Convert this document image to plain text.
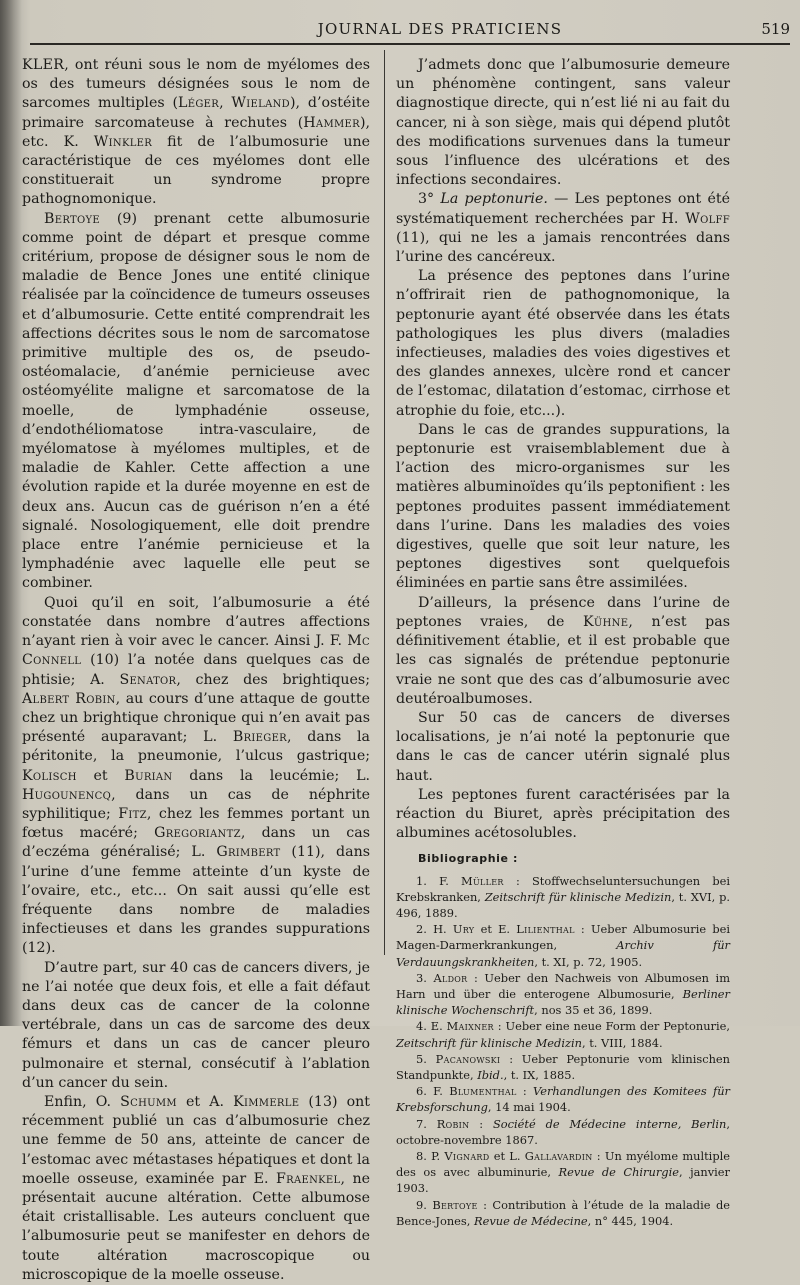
JOURNAL DES PRATICIENS	519

KLER, ont réuni sous le nom de myélomes des os des tumeurs désignées sous le nom de sarcomes multiples (Léger, Wieland), d’ostéite primaire sarcomateuse à rechutes (Hammer), etc. K. Winkler fit de l’albumosurie une caractéristique de ces myélomes dont elle constituerait un syndrome propre pathognomonique.

Bertoye (9) prenant cette albumosurie comme point de départ et presque comme critérium, propose de désigner sous le nom de maladie de Bence Jones une entité clinique réalisée par la coïncidence de tumeurs osseuses et d’albumosurie. Cette entité comprendrait les affections décrites sous le nom de sarcomatose primitive multiple des os, de pseudo-ostéomalacie, d’anémie pernicieuse avec ostéomyélite maligne et sarcomatose de la moelle, de lymphadénie osseuse, d’endothéliomatose intra-vasculaire, de myélomatose à myélomes multiples, et de maladie de Kahler. Cette affection a une évolution rapide et la durée moyenne en est de deux ans. Aucun cas de guérison n’en a été signalé. Nosologiquement, elle doit prendre place entre l’anémie pernicieuse et la lymphadénie avec laquelle elle peut se combiner.

Quoi qu’il en soit, l’albumosurie a été constatée dans nombre d’autres affections n’ayant rien à voir avec le cancer. Ainsi J. F. Mc Connell (10) l’a notée dans quelques cas de phtisie; A. Senator, chez des brightiques; Albert Robin, au cours d’une attaque de goutte chez un brightique chronique qui n’en avait pas présenté auparavant; L. Brieger, dans la péritonite, la pneumonie, l’ulcus gastrique; Kolisch et Burian dans la leucémie; L. Hugounencq, dans un cas de néphrite syphilitique; Fitz, chez les femmes portant un fœtus macéré; Gregoriantz, dans un cas d’eczéma généralisé; L. Grimbert (11), dans l’urine d’une femme atteinte d’un kyste de l’ovaire, etc., etc... On sait aussi qu’elle est fréquente dans nombre de maladies infectieuses et dans les grandes suppurations (12).

D’autre part, sur 40 cas de cancers divers, je ne l’ai notée que deux fois, et elle a fait défaut dans deux cas de cancer de la colonne vertébrale, dans un cas de sarcome des deux fémurs et dans un cas de cancer pleuro pulmonaire et sternal, consécutif à l’ablation d’un cancer du sein.

Enfin, O. Schumm et A. Kimmerle (13) ont récemment publié un cas d’albumosurie chez une femme de 50 ans, atteinte de cancer de l’estomac avec métastases hépatiques et dont la moelle osseuse, examinée par E. Fraenkel, ne présentait aucune altération. Cette albumose était cristallisable. Les auteurs concluent que l’albumosurie peut se manifester en dehors de toute altération macroscopique ou microscopique de la moelle osseuse.

J’admets donc que l’albumosurie demeure un phénomène contingent, sans valeur diagnostique directe, qui n’est lié ni au fait du cancer, ni à son siège, mais qui dépend plutôt des modifications survenues dans la tumeur sous l’influence des ulcérations et des infections secondaires.

3° La peptonurie. — Les peptones ont été systématiquement recherchées par H. Wolff (11), qui ne les a jamais rencontrées dans l’urine des cancéreux.

La présence des peptones dans l’urine n’offrirait rien de pathognomonique, la peptonurie ayant été observée dans les états pathologiques les plus divers (maladies infectieuses, maladies des voies digestives et des glandes annexes, ulcère rond et cancer de l’estomac, dilatation d’estomac, cirrhose et atrophie du foie, etc...).

Dans le cas de grandes suppurations, la peptonurie est vraisemblablement due à l’action des micro-organismes sur les matières albuminoïdes qu’ils peptonifient : les peptones produites passent immédiatement dans l’urine. Dans les maladies des voies digestives, quelle que soit leur nature, les peptones digestives sont quelquefois éliminées en partie sans être assimilées.

D’ailleurs, la présence dans l’urine de peptones vraies, de Kühne, n’est pas définitivement établie, et il est probable que les cas signalés de prétendue peptonurie vraie ne sont que des cas d’albumosurie avec deutéroalbumoses.

Sur 50 cas de cancers de diverses localisations, je n’ai noté la peptonurie que dans le cas de cancer utérin signalé plus haut.

Les peptones furent caractérisées par la réaction du Biuret, après précipitation des albumines acétosolubles.

Bibliographie :
1. F. Müller : Stoffwechseluntersuchungen bei Krebskranken, Zeitschrift für klinische Medizin, t. XVI, p. 496, 1889.
2. H. Ury et E. Lilienthal : Ueber Albumosurie bei Magen-Darmerkrankungen, Archiv für Verdauungskrankheiten, t. XI, p. 72, 1905.
3. Aldor : Ueber den Nachweis von Albumosen im Harn und über die enterogene Albumosurie, Berliner klinische Wochenschrift, nos 35 et 36, 1899.
4. E. Maixner : Ueber eine neue Form der Peptonurie, Zeitschrift für klinische Medizin, t. VIII, 1884.
5. Pacanowski : Ueber Peptonurie vom klinischen Standpunkte, Ibid., t. IX, 1885.
6. F. Blumenthal : Verhandlungen des Komitees für Krebsforschung, 14 mai 1904.
7. Robin : Société de Médecine interne, Berlin, octobre-novembre 1867.
8. P. Vignard et L. Gallavardin : Un myélome multiple des os avec albuminurie, Revue de Chirurgie, janvier 1903.
9. Bertoye : Contribution à l’étude de la maladie de Bence-Jones, Revue de Médecine, n° 445, 1904.
